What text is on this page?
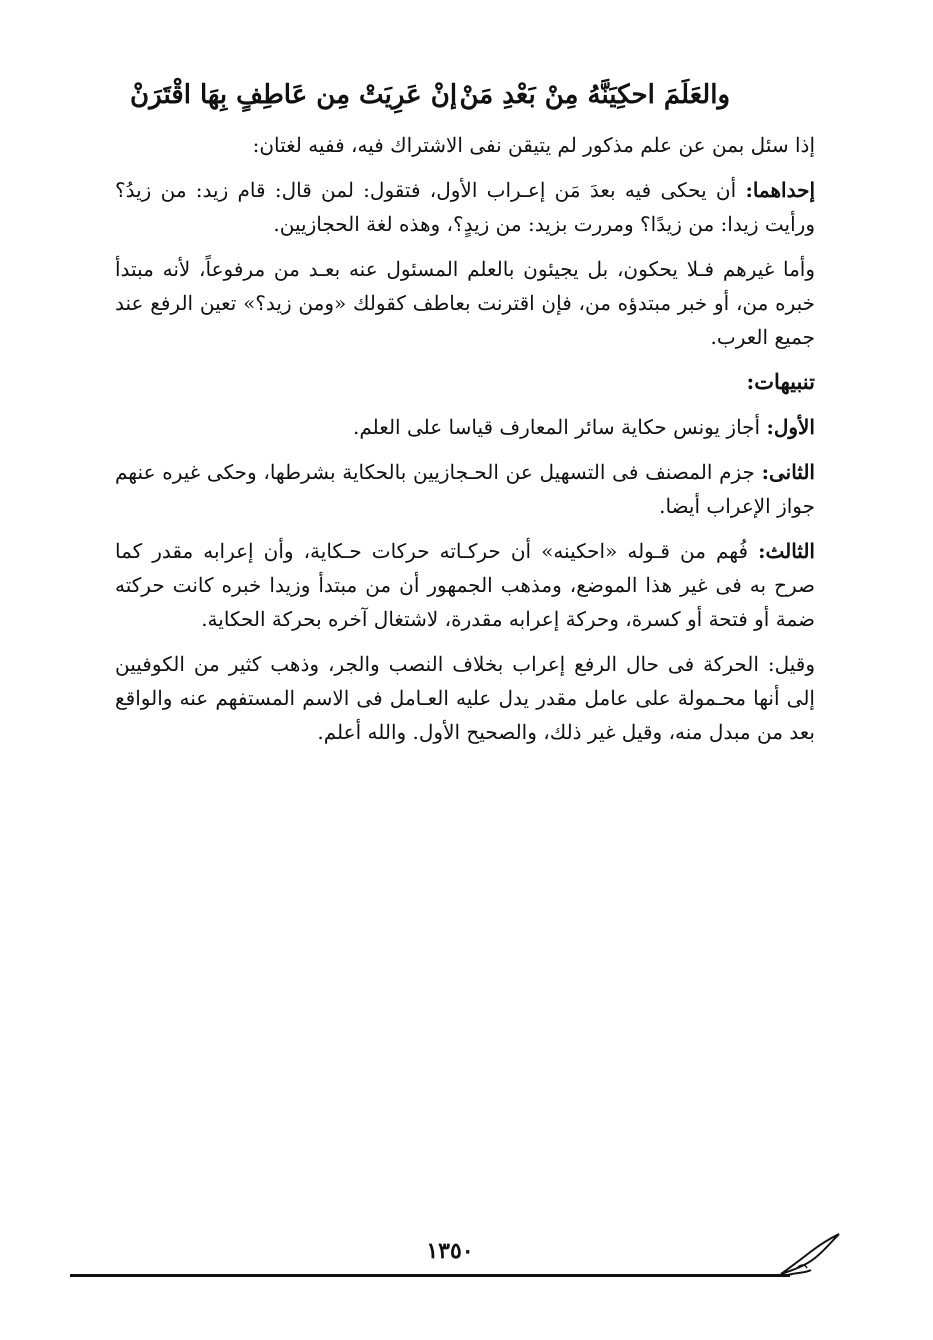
والعَلَمَ احكِيَنَّهُ مِنْ بَعْدِ مَنْ
إنْ عَرِيَتْ مِن عَاطِفٍ بِهَا اقْتَرَنْ

إذا سئل بمن عن علم مذكور لم يتيقن نفى الاشتراك فيه، ففيه لغتان:

إحداهما: أن يحكى فيه بعدَ مَن إعـراب الأول، فتقول: لمن قال: قام زيد: من زيدُ؟ ورأيت زيدا: من زيدًا؟ ومررت بزيد: من زيدٍ؟، وهذه لغة الحجازيين.

وأما غيرهم فـلا يحكون، بل يجيئون بالعلم المسئول عنه بعـد من مرفوعاً، لأنه مبتدأ خبره من، أو خبر مبتدؤه من، فإن اقترنت بعاطف كقولك «ومن زيد؟» تعين الرفع عند جميع العرب.

تنبيهات:

الأول: أجاز يونس حكاية سائر المعارف قياسا على العلم.

الثانى: جزم المصنف فى التسهيل عن الحـجازيين بالحكاية بشرطها، وحكى غيره عنهم جواز الإعراب أيضا.

الثالث: فُهم من قـوله «احكينه» أن حركـاته حركات حـكاية، وأن إعرابه مقدر كما صرح به فى غير هذا الموضع، ومذهب الجمهور أن من مبتدأ وزيدا خبره كانت حركته ضمة أو فتحة أو كسرة، وحركة إعرابه مقدرة، لاشتغال آخره بحركة الحكاية.

وقيل: الحركة فى حال الرفع إعراب بخلاف النصب والجر، وذهب كثير من الكوفيين إلى أنها محـمولة على عامل مقدر يدل عليه العـامل فى الاسم المستفهم عنه والواقع بعد من مبدل منه، وقيل غير ذلك، والصحيح الأول. والله أعلم.

١٣٥٠
